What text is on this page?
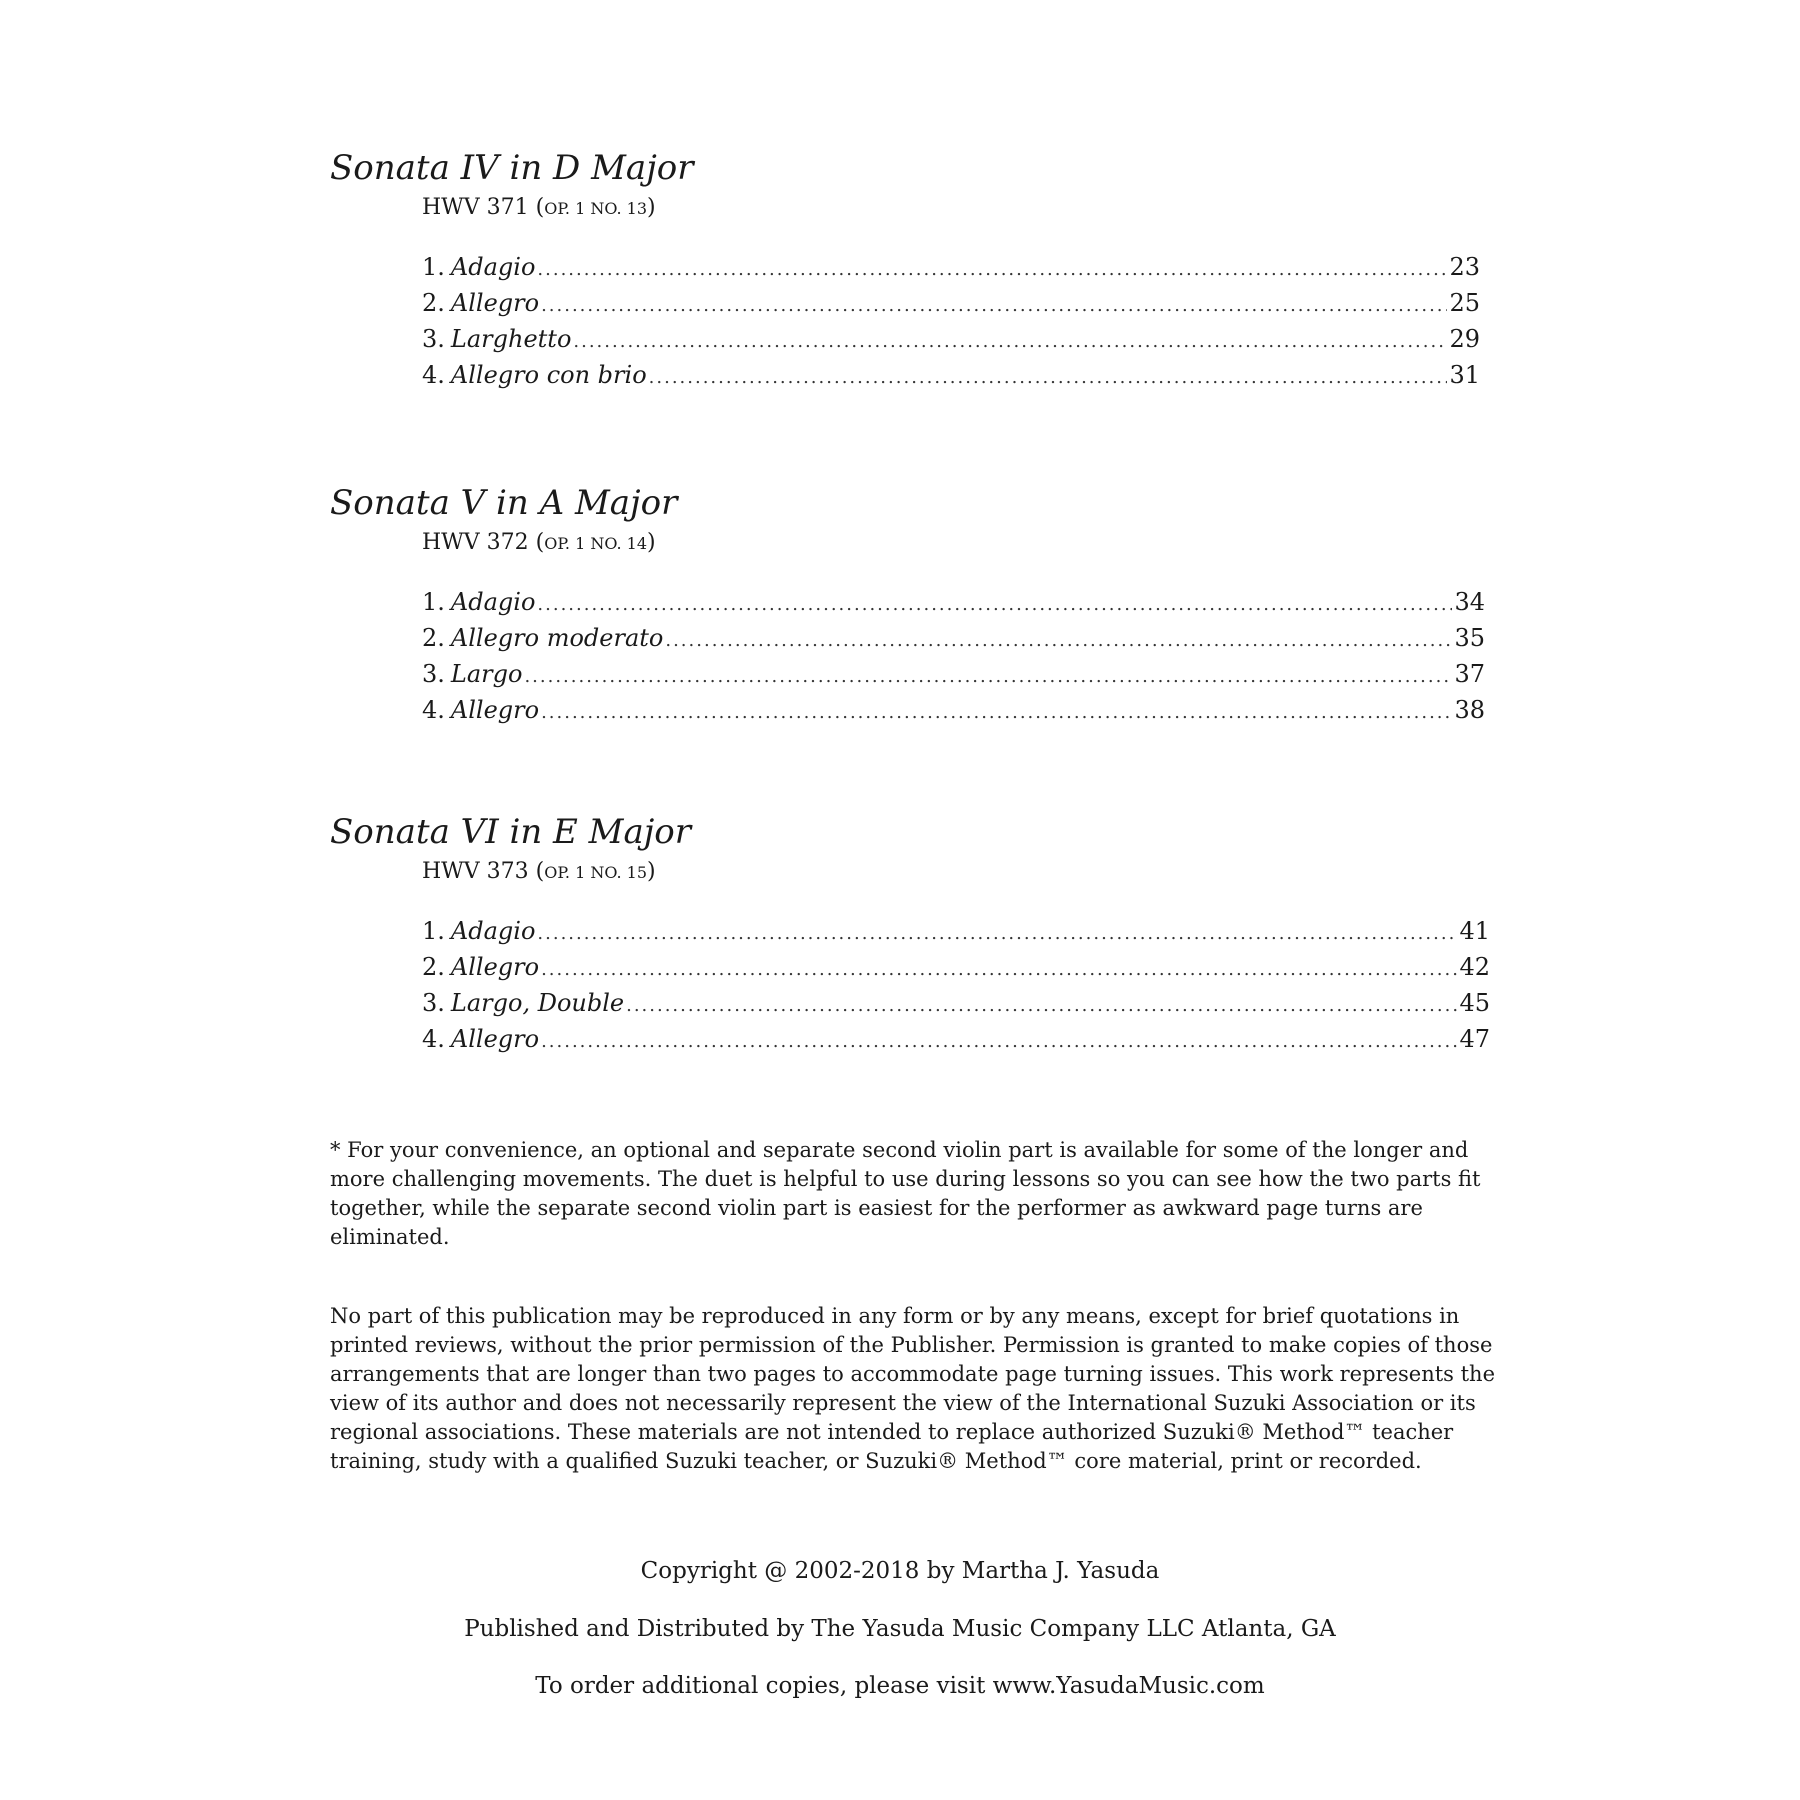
Sonata IV in D Major
HWV 371 (OP. 1 NO. 13)
1. Adagio .....	23
2. Allegro .....	25
3. Larghetto .....	29
4. Allegro con brio .....	31
Sonata V in A Major
HWV 372 (OP. 1 NO. 14)
1. Adagio .....	34
2. Allegro moderato .....	35
3. Largo .....	37
4. Allegro .....	38
Sonata VI in E Major
HWV 373 (OP. 1 NO. 15)
1. Adagio .....	41
2. Allegro .....	42
3. Largo, Double .....	45
4. Allegro .....	47

* For your convenience, an optional and separate second violin part is available for some of the longer and more challenging movements. The duet is helpful to use during lessons so you can see how the two parts fit together, while the separate second violin part is easiest for the performer as awkward page turns are eliminated.

No part of this publication may be reproduced in any form or by any means, except for brief quotations in printed reviews, without the prior permission of the Publisher. Permission is granted to make copies of those arrangements that are longer than two pages to accommodate page turning issues. This work represents the view of its author and does not necessarily represent the view of the International Suzuki Association or its regional associations. These materials are not intended to replace authorized Suzuki® Method™ teacher training, study with a qualified Suzuki teacher, or Suzuki® Method™ core material, print or recorded.

Copyright @ 2002-2018 by Martha J. Yasuda

Published and Distributed by The Yasuda Music Company LLC Atlanta, GA

To order additional copies, please visit www.YasudaMusic.com
